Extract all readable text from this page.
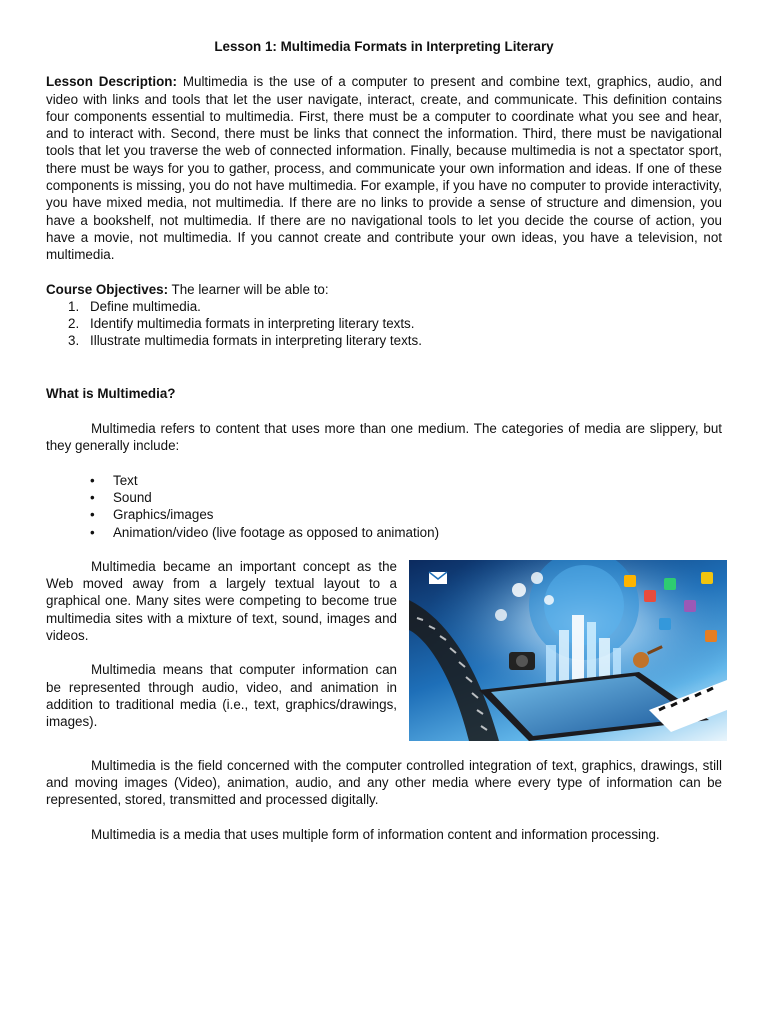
Lesson 1: Multimedia Formats in Interpreting Literary

Lesson Description: Multimedia is the use of a computer to present and combine text, graphics, audio, and video with links and tools that let the user navigate, interact, create, and communicate. This definition contains four components essential to multimedia. First, there must be a computer to coordinate what you see and hear, and to interact with. Second, there must be links that connect the information. Third, there must be navigational tools that let you traverse the web of connected information. Finally, because multimedia is not a spectator sport, there must be ways for you to gather, process, and communicate your own information and ideas. If one of these components is missing, you do not have multimedia. For example, if you have no computer to provide interactivity, you have mixed media, not multimedia. If there are no links to provide a sense of structure and dimension, you have a bookshelf, not multimedia. If there are no navigational tools to let you decide the course of action, you have a movie, not multimedia. If you cannot create and contribute your own ideas, you have a television, not multimedia.

Course Objectives: The learner will be able to:

1. Define multimedia.
2. Identify multimedia formats in interpreting literary texts.
3. Illustrate multimedia formats in interpreting literary texts.

What is Multimedia?

Multimedia refers to content that uses more than one medium. The categories of media are slippery, but they generally include:

• Text
• Sound
• Graphics/images
• Animation/video (live footage as opposed to animation)

Multimedia became an important concept as the Web moved away from a largely textual layout to a graphical one. Many sites were competing to become true multimedia sites with a mixture of text, sound, images and videos.

Multimedia means that computer information can be represented through audio, video, and animation in addition to traditional media (i.e., text, graphics/drawings, images).

Multimedia is the field concerned with the computer controlled integration of text, graphics, drawings, still and moving images (Video), animation, audio, and any other media where every type of information can be represented, stored, transmitted and processed digitally.

Multimedia is a media that uses multiple form of information content and information processing.
